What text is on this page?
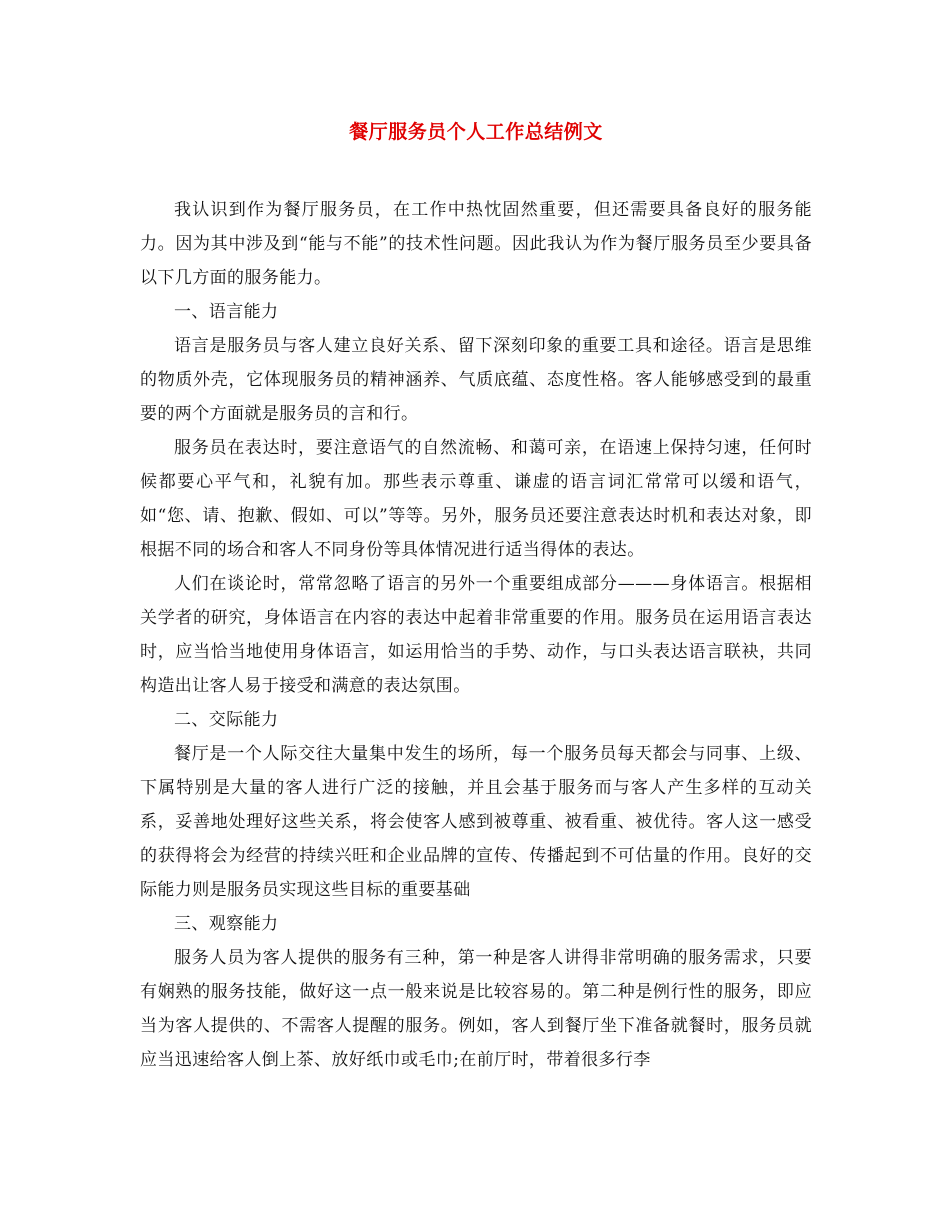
餐厅服务员个人工作总结例文

我认识到作为餐厅服务员，在工作中热忱固然重要，但还需要具备良好的服务能力。因为其中涉及到“能与不能”的技术性问题。因此我认为作为餐厅服务员至少要具备以下几方面的服务能力。

一、语言能力

语言是服务员与客人建立良好关系、留下深刻印象的重要工具和途径。语言是思维的物质外壳，它体现服务员的精神涵养、气质底蕴、态度性格。客人能够感受到的最重要的两个方面就是服务员的言和行。

服务员在表达时，要注意语气的自然流畅、和蔼可亲，在语速上保持匀速，任何时候都要心平气和，礼貌有加。那些表示尊重、谦虚的语言词汇常常可以缓和语气，如“您、请、抱歉、假如、可以”等等。另外，服务员还要注意表达时机和表达对象，即根据不同的场合和客人不同身份等具体情况进行适当得体的表达。

人们在谈论时，常常忽略了语言的另外一个重要组成部分———身体语言。根据相关学者的研究，身体语言在内容的表达中起着非常重要的作用。服务员在运用语言表达时，应当恰当地使用身体语言，如运用恰当的手势、动作，与口头表达语言联袂，共同构造出让客人易于接受和满意的表达氛围。

二、交际能力

餐厅是一个人际交往大量集中发生的场所，每一个服务员每天都会与同事、上级、下属特别是大量的客人进行广泛的接触，并且会基于服务而与客人产生多样的互动关系，妥善地处理好这些关系，将会使客人感到被尊重、被看重、被优待。客人这一感受的获得将会为经营的持续兴旺和企业品牌的宣传、传播起到不可估量的作用。良好的交际能力则是服务员实现这些目标的重要基础

三、观察能力

服务人员为客人提供的服务有三种，第一种是客人讲得非常明确的服务需求，只要有娴熟的服务技能，做好这一点一般来说是比较容易的。第二种是例行性的服务，即应当为客人提供的、不需客人提醒的服务。例如，客人到餐厅坐下准备就餐时，服务员就应当迅速给客人倒上茶、放好纸巾或毛巾;在前厅时，带着很多行李
